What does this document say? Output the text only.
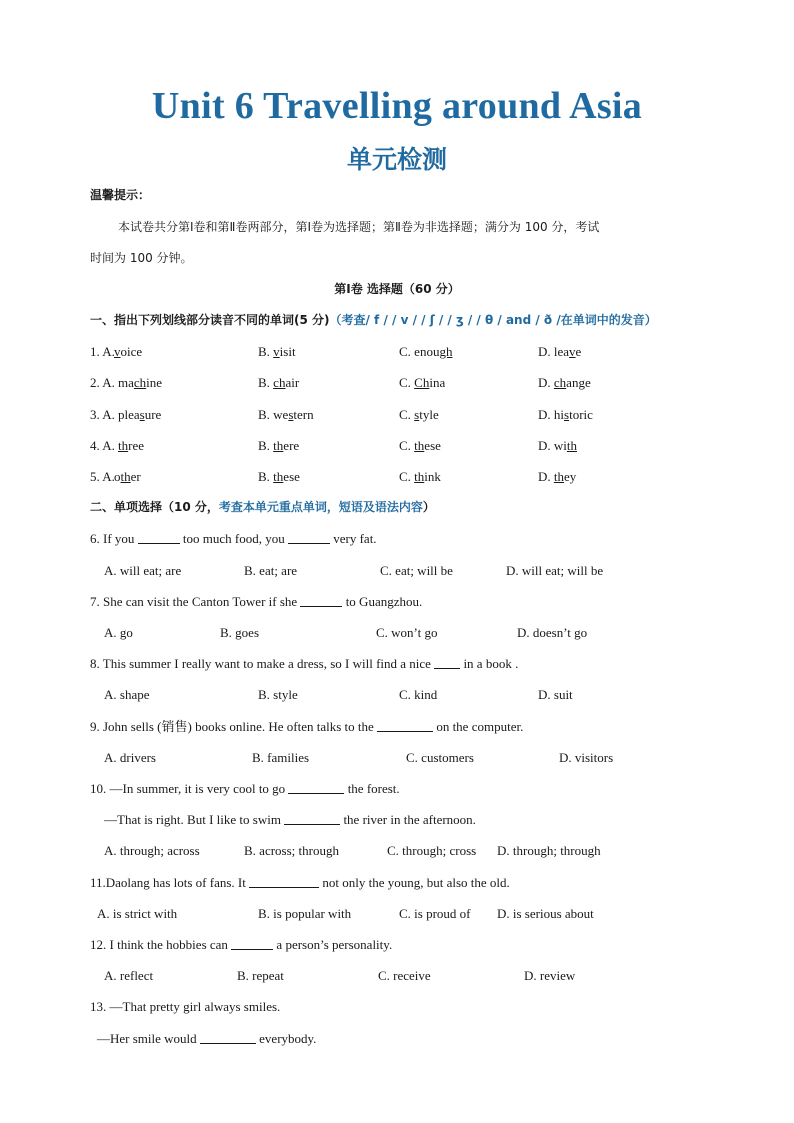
Unit 6 Travelling around Asia
单元检测
温馨提示：
本试卷共分第Ⅰ卷和第Ⅱ卷两部分，第Ⅰ卷为选择题；第Ⅱ卷为非选择题；满分为 100 分，考试
时间为 100 分钟。
第Ⅰ卷 选择题（60 分）
一、指出下列划线部分读音不同的单词(5 分)（考查/ f / / v / / ʃ / / ʒ / / θ / and / ð /在单词中的发音）
1. A. voice	B. visit	C. enough	D. leave
2. A. machine	B. chair	C. China	D. change
3. A. pleasure	B. western	C. style	D. historic
4. A. three	B. there	C. these	D. with
5. A. other	B. these	C. think	D. they
二、单项选择（10 分，考查本单元重点单词，短语及语法内容）
6. If you	too much food, you	very fat.
A. will eat; are	B. eat; are	C. eat; will be	D. will eat; will be
7. She can visit the Canton Tower if she	to Guangzhou.
A. go	B. goes	C. won’t go	D. doesn’t go
8. This summer I really want to make a dress, so I will find a nice  in a book .
A. shape	B. style	C. kind	D. suit
9. John sells (销售) books online. He often talks to the	on the computer.
A. drivers	B. families	C. customers	D. visitors
10. —In summer, it is very cool to go	the forest.
—That is right. But I like to swim	the river in the afternoon.
A. through; across	B. across; through	C. through; cross D. through; through
11.Daolang has lots of fans. It	not only the young, but also the old.
A. is strict with	B. is popular with	C. is proud of D. is serious about
12. I think the hobbies can	a person’s personality.
A. reflect	B. repeat	C. receive	D. review
13. —That pretty girl always smiles.
—Her smile would	everybody.
